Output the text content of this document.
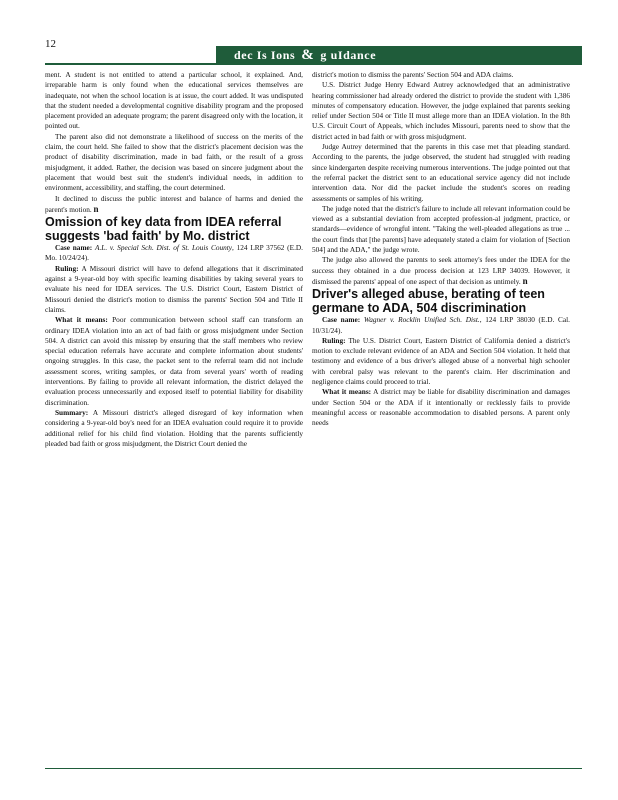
12
dec Is Ions & g uIdance

ment. A student is not entitled to attend a particular school, it explained. And, irreparable harm is only found when the educational services themselves are inadequate, not when the school location is at issue, the court added. It was undisputed that the student needed a developmental cognitive disability program and the proposed placement provided an adequate program; the parent disagreed only with the location, it pointed out.

The parent also did not demonstrate a likelihood of success on the merits of the claim, the court held. She failed to show that the district's placement decision was the product of disability discrimination, made in bad faith, or the result of a gross misjudgment, it added. Rather, the decision was based on sincere judgment about the placement that would best suit the student's individual needs, in addition to environment, accessibility, and staffing, the court determined.

It declined to discuss the public interest and balance of harms and denied the parent's motion. n

Omission of key data from IDEA referral suggests 'bad faith' by Mo. district

Case name: A.L. v. Special Sch. Dist. of St. Louis County, 124 LRP 37562 (E.D. Mo. 10/24/24).

Ruling: A Missouri district will have to defend allegations that it discriminated against a 9-year-old boy with specific learning disabilities by taking several years to evaluate his need for IDEA services. The U.S. District Court, Eastern District of Missouri denied the district's motion to dismiss the parents' Section 504 and Title II claims.

What it means: Poor communication between school staff can transform an ordinary IDEA violation into an act of bad faith or gross misjudgment under Section 504. A district can avoid this misstep by ensuring that the staff members who review special education referrals have accurate and complete information about students' ongoing struggles. In this case, the packet sent to the referral team did not include assessment scores, writing samples, or data from several years' worth of reading interventions. By failing to provide all relevant information, the district delayed the evaluation process unnecessarily and exposed itself to potential liability for disability discrimination.

Summary: A Missouri district's alleged disregard of key information when considering a 9-year-old boy's need for an IDEA evaluation could require it to provide additional relief for his child find violation. Holding that the parents sufficiently pleaded bad faith or gross misjudgment, the District Court denied the

district's motion to dismiss the parents' Section 504 and ADA claims.

U.S. District Judge Henry Edward Autrey acknowledged that an administrative hearing commissioner had already ordered the district to provide the student with 1,386 minutes of compensatory education. However, the judge explained that parents seeking relief under Section 504 or Title II must allege more than an IDEA violation. In the 8th U.S. Circuit Court of Appeals, which includes Missouri, parents need to show that the district acted in bad faith or with gross misjudgment.

Judge Autrey determined that the parents in this case met that pleading standard. According to the parents, the judge observed, the student had struggled with reading since kindergarten despite receiving numerous interventions. The judge pointed out that the referral packet the district sent to an educational service agency did not include intervention data. Nor did the packet include the student's scores on reading assessments or samples of his writing.

The judge noted that the district's failure to include all relevant information could be viewed as a substantial deviation from accepted profession-al judgment, practice, or standards—evidence of wrongful intent. "Taking the well-pleaded allegations as true ... the court finds that [the parents] have adequately stated a claim for violation of [Section 504] and the ADA," the judge wrote.

The judge also allowed the parents to seek attorney's fees under the IDEA for the success they obtained in a due process decision at 123 LRP 34039. However, it dismissed the parents' appeal of one aspect of that decision as untimely. n

Driver's alleged abuse, berating of teen germane to ADA, 504 discrimination

Case name: Wagner v. Rocklin Unified Sch. Dist., 124 LRP 38030 (E.D. Cal. 10/31/24).

Ruling: The U.S. District Court, Eastern District of California denied a district's motion to exclude relevant evidence of an ADA and Section 504 violation. It held that testimony and evidence of a bus driver's alleged abuse of a nonverbal high schooler with cerebral palsy was relevant to the parent's claim. Her discrimination and negligence claims could proceed to trial.

What it means: A district may be liable for disability discrimination and damages under Section 504 or the ADA if it intentionally or recklessly fails to provide meaningful access or reasonable accommodation to disabled persons. A parent only needs
